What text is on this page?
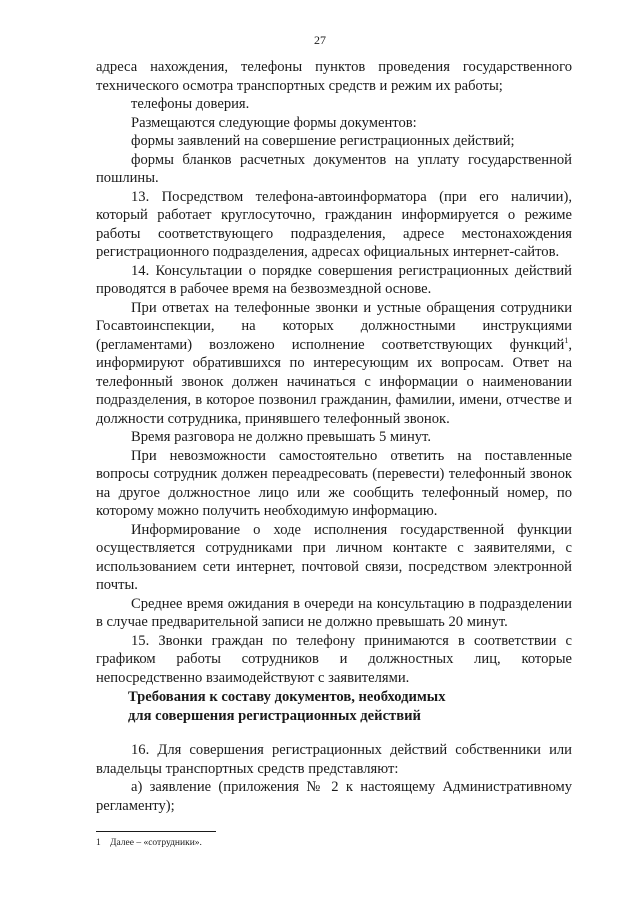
27

адреса нахождения, телефоны пунктов проведения государственного технического осмотра транспортных средств и режим их работы;

телефоны доверия.

Размещаются следующие формы документов:

формы заявлений на совершение регистрационных действий;

формы бланков расчетных документов на уплату государственной пошлины.

13. Посредством телефона-автоинформатора (при его наличии), который работает круглосуточно, гражданин информируется о режиме работы соответствующего подразделения, адресе местонахождения регистрационного подразделения, адресах официальных интернет-сайтов.

14. Консультации о порядке совершения регистрационных действий проводятся в рабочее время на безвозмездной основе.

При ответах на телефонные звонки и устные обращения сотрудники Госавтоинспекции, на которых должностными инструкциями (регламентами) возложено исполнение соответствующих функций$^1$, информируют обратившихся по интересующим их вопросам. Ответ на телефонный звонок должен начинаться с информации о наименовании подразделения, в которое позвонил гражданин, фамилии, имени, отчестве и должности сотрудника, принявшего телефонный звонок.

Время разговора не должно превышать 5 минут.

При невозможности самостоятельно ответить на поставленные вопросы сотрудник должен переадресовать (перевести) телефонный звонок на другое должностное лицо или же сообщить телефонный номер, по которому можно получить необходимую информацию.

Информирование о ходе исполнения государственной функции осуществляется сотрудниками при личном контакте с заявителями, с использованием сети интернет, почтовой связи, посредством электронной почты.

Среднее время ожидания в очереди на консультацию в подразделении в случае предварительной записи не должно превышать 20 минут.

15. Звонки граждан по телефону принимаются в соответствии с графиком работы сотрудников и должностных лиц, которые непосредственно взаимодействуют с заявителями.

Требования к составу документов, необходимых
для совершения регистрационных действий

16. Для совершения регистрационных действий собственники или владельцы транспортных средств представляют:

а) заявление (приложения № 2 к настоящему Административному регламенту);

1 Далее – «сотрудники».
